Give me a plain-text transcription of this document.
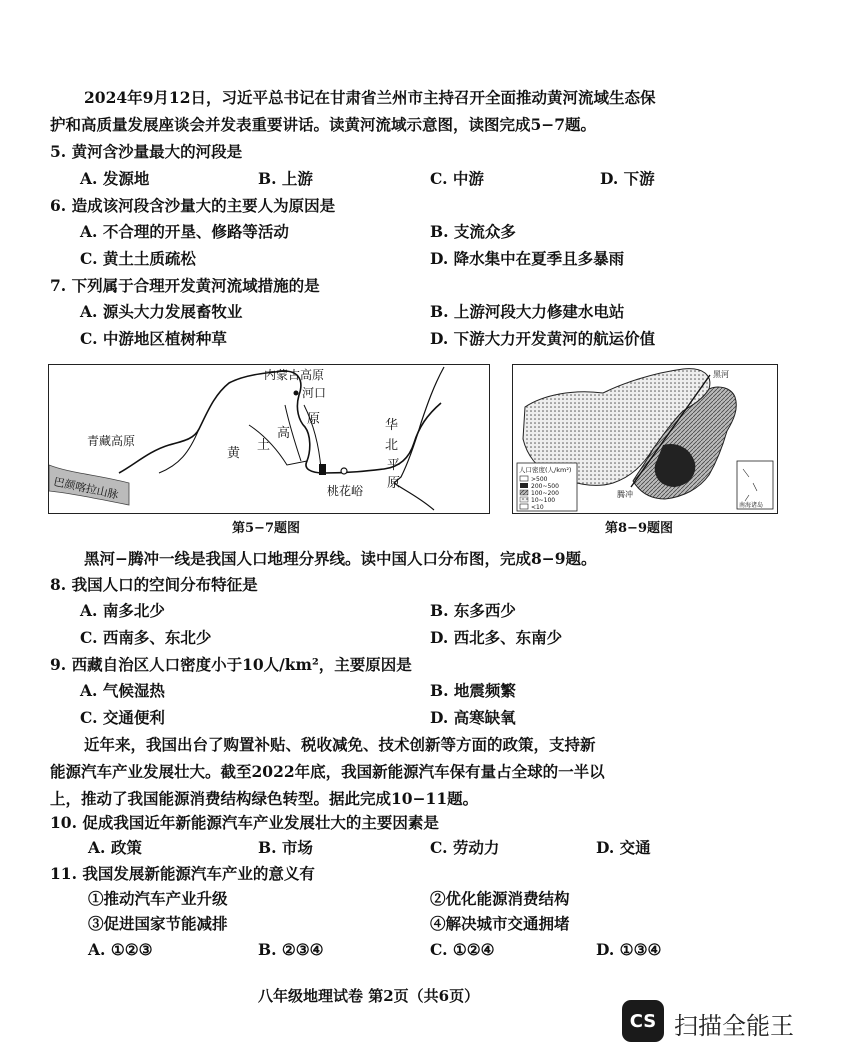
2024年9月12日，习近平总书记在甘肃省兰州市主持召开全面推动黄河流域生态保
护和高质量发展座谈会并发表重要讲话。读黄河流域示意图，读图完成5−7题。
5. 黄河含沙量最大的河段是
A. 发源地	B. 上游	C. 中游	D. 下游
6. 造成该河段含沙量大的主要人为原因是
A. 不合理的开垦、修路等活动	B. 支流众多
C. 黄土土质疏松	D. 降水集中在夏季且多暴雨
7. 下列属于合理开发黄河流域措施的是
A. 源头大力发展畜牧业	B. 上游河段大力修建水电站
C. 中游地区植树种草	D. 下游大力开发黄河的航运价值
内蒙古高原
河口
青藏高原
黄
土
高
原	华
北
平
原
桃花峪
巴颜喀拉山脉
第5−7题图
黑河
腾冲
人口密度(人/km²)
>500
200~500
100~200
10~100
<10	南海诸岛
第8−9题图
黑河−腾冲一线是我国人口地理分界线。读中国人口分布图，完成8−9题。
8. 我国人口的空间分布特征是
A. 南多北少	B. 东多西少
C. 西南多、东北少	D. 西北多、东南少
9. 西藏自治区人口密度小于10人/km²，主要原因是
A. 气候湿热	B. 地震频繁
C. 交通便利	D. 高寒缺氧
近年来，我国出台了购置补贴、税收减免、技术创新等方面的政策，支持新
能源汽车产业发展壮大。截至2022年底，我国新能源汽车保有量占全球的一半以
上，推动了我国能源消费结构绿色转型。据此完成10−11题。
10. 促成我国近年新能源汽车产业发展壮大的主要因素是
A. 政策	B. 市场	C. 劳动力	D. 交通
11. 我国发展新能源汽车产业的意义有
①推动汽车产业升级	②优化能源消费结构
③促进国家节能减排	④解决城市交通拥堵
A. ①②③	B. ②③④	C. ①②④	D. ①③④
八年级地理试卷 第2页（共6页）
CS 扫描全能王
